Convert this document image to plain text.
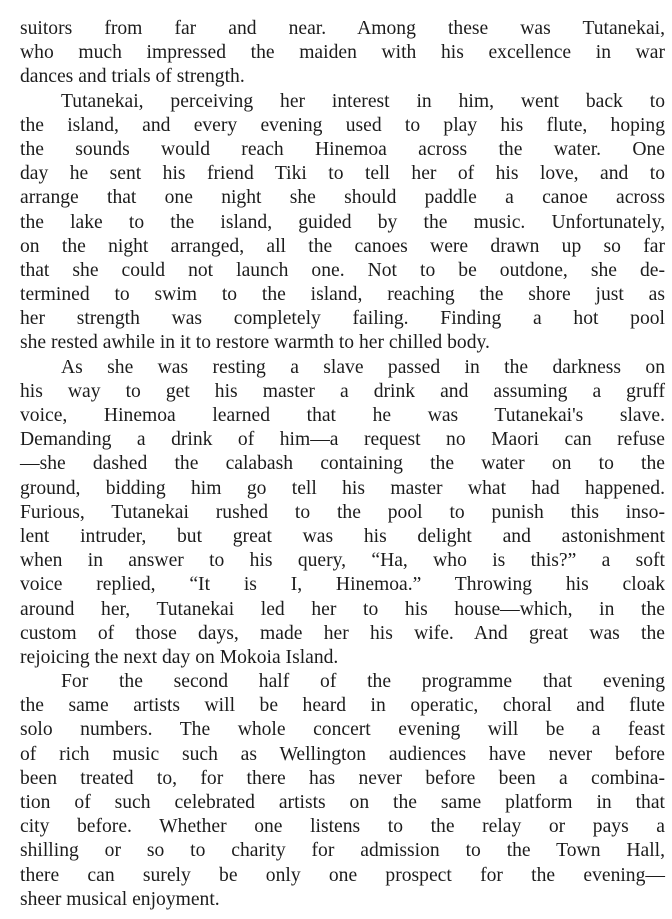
suitors from far and near. Among these was Tutanekai,
who much impressed the maiden with his excellence in war
dances and trials of strength.
Tutanekai, perceiving her interest in him, went back to
the island, and every evening used to play his flute, hoping
the sounds would reach Hinemoa across the water. One
day he sent his friend Tiki to tell her of his love, and to
arrange that one night she should paddle a canoe across
the lake to the island, guided by the music. Unfortunately,
on the night arranged, all the canoes were drawn up so far
that she could not launch one. Not to be outdone, she de-
termined to swim to the island, reaching the shore just as
her strength was completely failing. Finding a hot pool
she rested awhile in it to restore warmth to her chilled body.
As she was resting a slave passed in the darkness on
his way to get his master a drink and assuming a gruff
voice, Hinemoa learned that he was Tutanekai's slave.
Demanding a drink of him—a request no Maori can refuse
—she dashed the calabash containing the water on to the
ground, bidding him go tell his master what had happened.
Furious, Tutanekai rushed to the pool to punish this inso-
lent intruder, but great was his delight and astonishment
when in answer to his query, “Ha, who is this?” a soft
voice replied, “It is I, Hinemoa.” Throwing his cloak
around her, Tutanekai led her to his house—which, in the
custom of those days, made her his wife. And great was the
rejoicing the next day on Mokoia Island.
For the second half of the programme that evening
the same artists will be heard in operatic, choral and flute
solo numbers. The whole concert evening will be a feast
of rich music such as Wellington audiences have never before
been treated to, for there has never before been a combina-
tion of such celebrated artists on the same platform in that
city before. Whether one listens to the relay or pays a
shilling or so to charity for admission to the Town Hall,
there can surely be only one prospect for the evening—
sheer musical enjoyment.
